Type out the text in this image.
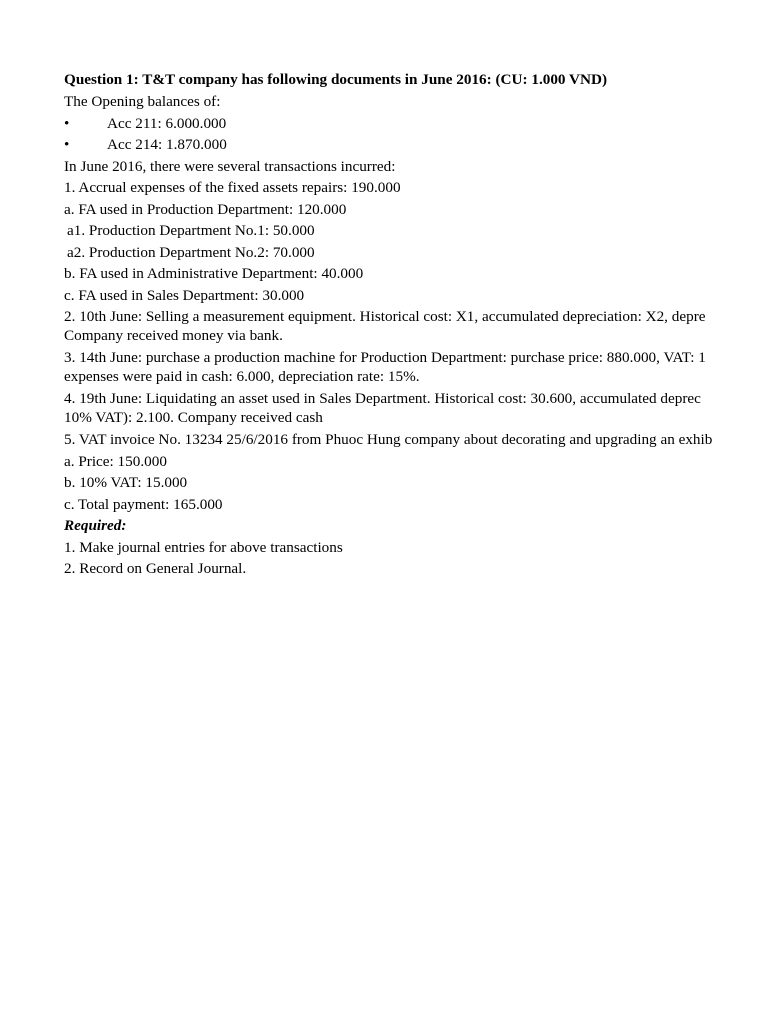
Question 1: T&T company has following documents in June 2016: (CU: 1.000 VND)
The Opening balances of:
•	Acc 211: 6.000.000
•	Acc 214: 1.870.000
In June 2016, there were several transactions incurred:
1. Accrual expenses of the fixed assets repairs: 190.000
a. FA used in Production Department: 120.000
a1. Production Department No.1: 50.000
a2. Production Department No.2: 70.000
b. FA used in Administrative Department: 40.000
c. FA used in Sales Department: 30.000
2. 10th June: Selling a measurement equipment. Historical cost: X1, accumulated depreciation: X2, depre
Company received money via bank.
3. 14th June: purchase a production machine for Production Department: purchase price: 880.000, VAT: 1
expenses were paid in cash: 6.000, depreciation rate: 15%.
4. 19th June: Liquidating an asset used in Sales Department. Historical cost: 30.600, accumulated deprec
10% VAT): 2.100. Company received cash
5. VAT invoice No. 13234 25/6/2016 from Phuoc Hung company about decorating and upgrading an exhib
a. Price: 150.000
b. 10% VAT: 15.000
c. Total payment: 165.000
Required:
1. Make journal entries for above transactions
2. Record on General Journal.
